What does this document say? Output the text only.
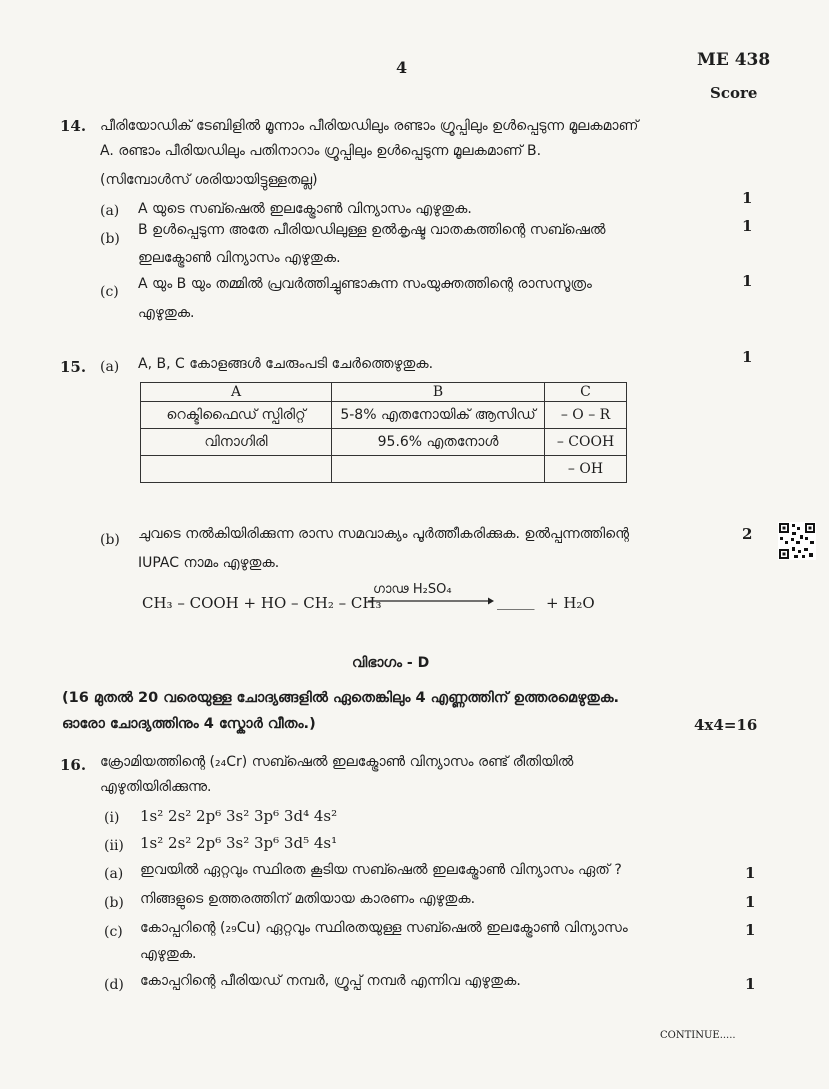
4	ME 438
Score
14. പീരിയോഡിക് ടേബിളിൽ മൂന്നാം പീരിയഡിലും രണ്ടാം ഗ്രൂപ്പിലും ഉൾപ്പെടുന്ന മൂലകമാണ്
A. രണ്ടാം പീരിയഡിലും പതിനാറാം ഗ്രൂപ്പിലും ഉൾപ്പെടുന്ന മൂലകമാണ് B.
(സിമ്പോൾസ് ശരിയായിട്ടുള്ളതല്ല)
(a) A യുടെ സബ്ഷെൽ ഇലക്ട്രോൺ വിന്യാസം എഴുതുക.
1
(b)
B ഉൾപ്പെടുന്ന അതേ പീരിയഡിലുള്ള ഉൽകൃഷ്ട വാതകത്തിന്റെ സബ്ഷെൽ
ഇലക്ട്രോൺ വിന്യാസം എഴുതുക.
1
(c) A യും B യും തമ്മിൽ പ്രവർത്തിച്ചുണ്ടാകുന്ന സംയുക്തത്തിന്റെ രാസസൂത്രം
എഴുതുക.
1
15. (a) A, B, C കോളങ്ങൾ ചേരുംപടി ചേർത്തെഴുതുക.	1
A	B	C
റെക്ടിഫൈഡ് സ്പിരിറ്റ്	5-8% എതനോയിക് ആസിഡ്	– O – R
വിനാഗിരി	95.6% എതനോൾ	– COOH
		– OH
(b) ചുവടെ നൽകിയിരിക്കുന്ന രാസ സമവാക്യം പൂർത്തീകരിക്കുക. ഉൽപ്പന്നത്തിന്റെ
IUPAC നാമം എഴുതുക.
2
CH₃ – COOH + HO – CH₂ – CH₃
ഗാഢ H₂SO₄
_____ + H₂O
വിഭാഗം - D
(16 മുതൽ 20 വരെയുള്ള ചോദ്യങ്ങളിൽ ഏതെങ്കിലും 4 എണ്ണത്തിന് ഉത്തരമെഴുതുക.
ഓരോ ചോദ്യത്തിനും 4 സ്കോർ വീതം.)	4x4=16
16. ക്രോമിയത്തിന്റെ (₂₄Cr) സബ്ഷെൽ ഇലക്ട്രോൺ വിന്യാസം രണ്ട് രീതിയിൽ
എഴുതിയിരിക്കുന്നു.
(i) 1s² 2s² 2p⁶ 3s² 3p⁶ 3d⁴ 4s²
(ii) 1s² 2s² 2p⁶ 3s² 3p⁶ 3d⁵ 4s¹
(a) ഇവയിൽ ഏറ്റവും സ്ഥിരത കൂടിയ സബ്ഷെൽ ഇലക്ട്രോൺ വിന്യാസം ഏത് ?	1
(b) നിങ്ങളുടെ ഉത്തരത്തിന് മതിയായ കാരണം എഴുതുക.	1
(c) കോപ്പറിന്റെ (₂₉Cu) ഏറ്റവും സ്ഥിരതയുള്ള സബ്ഷെൽ ഇലക്ട്രോൺ വിന്യാസം
എഴുതുക.
1
(d) കോപ്പറിന്റെ പീരിയഡ് നമ്പർ, ഗ്രൂപ്പ് നമ്പർ എന്നിവ എഴുതുക.	1
CONTINUE.....
